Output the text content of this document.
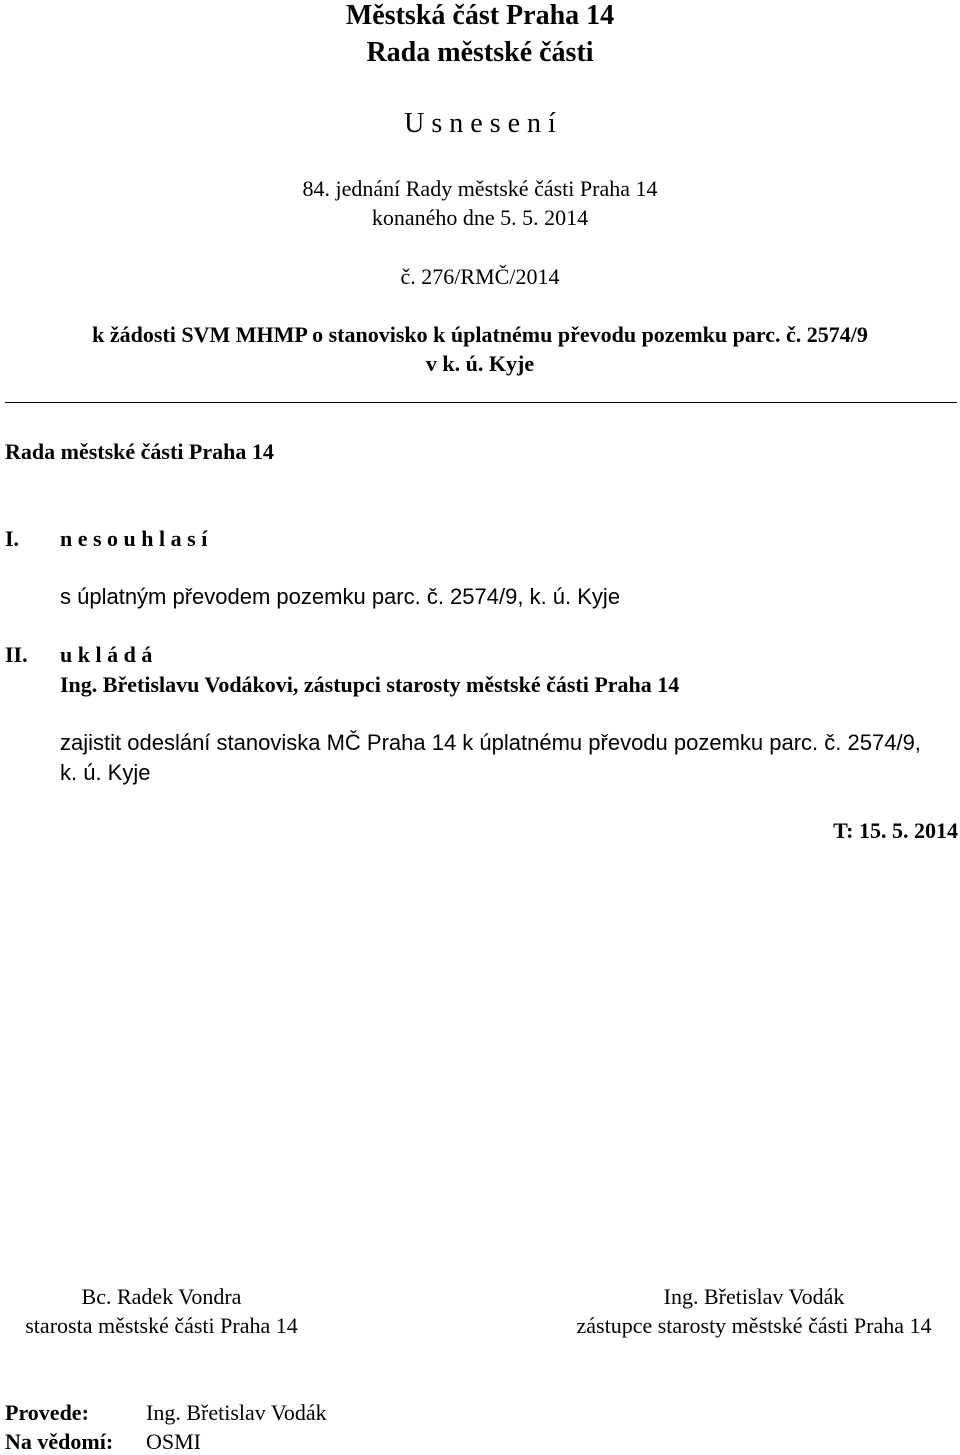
Městská část Praha 14
Rada městské části
U s n e s e n í
84. jednání Rady městské části Praha 14
konaného dne 5. 5. 2014
č. 276/RMČ/2014
k žádosti SVM MHMP o stanovisko k úplatnému převodu pozemku parc. č. 2574/9
v k. ú. Kyje
Rada městské části Praha 14
I. n e s o u h l a s í
s úplatným převodem pozemku parc. č. 2574/9, k. ú. Kyje
II. u k l á d á
Ing. Břetislavu Vodákovi, zástupci starosty městské části Praha 14
zajistit odeslání stanoviska MČ Praha 14 k úplatnému převodu pozemku parc. č. 2574/9,
k. ú. Kyje
T: 15. 5. 2014
Bc. Radek Vondra
starosta městské části Praha 14
Ing. Břetislav Vodák
zástupce starosty městské části Praha 14
Provede:	Ing. Břetislav Vodák
Na vědomí: OSMI
